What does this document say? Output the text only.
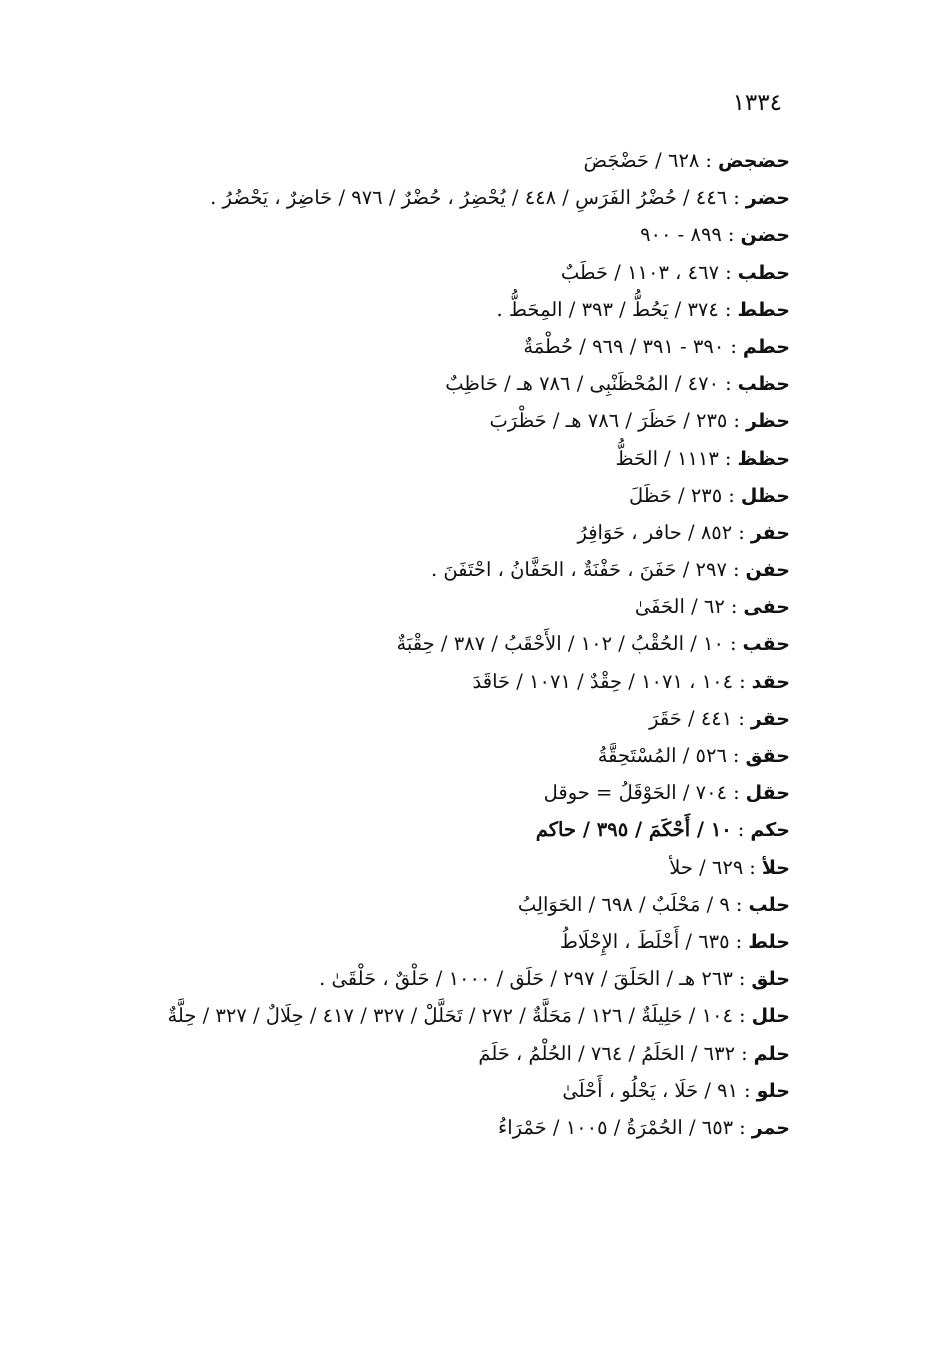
١٣٣٤
حضجض:٦٢٨ / حَضْجَضَ
حضر:٤٤٦ / حُضْرُ الفَرَسِ / ٤٤٨ / يُحْضِرُ ، حُضْرٌ / ٩٧٦ / حَاضِرٌ ، يَحْضُرُ .
حضن:٨٩٩ - ٩٠٠
حطب:٤٦٧ ، ١١٠٣ / حَطَبٌ
حطط:٣٧٤ / يَحُطُّ / ٣٩٣ / المِحَطُّ .
حطم:٣٩٠ - ٣٩١ / ٩٦٩ / حُطْمَةٌ
حظب:٤٧٠ / المُحْظَنْبِى / ٧٨٦ هـ / حَاظِبٌ
حظر:٢٣٥ / حَظَرَ / ٧٨٦ هـ / حَظْرَبَ
حظظ:١١١٣ / الحَظُّ
حظل:٢٣٥ / حَظَلَ
حفر:٨٥٢ / حافر ، حَوَافِرُ
حفن:٢٩٧ / حَفَنَ ، حَفْنَةٌ ، الحَفَّانُ ، احْتَفَنَ .
حفى:٦٢ / الحَفَىٰ
حقب:١٠ / الحُقْبُ / ١٠٢ / الأَحْقَبُ / ٣٨٧ / حِقْبَةٌ
حقد:١٠٤ ، ١٠٧١ / حِقْدٌ / ١٠٧١ / حَاقَدَ
حقر:٤٤١ / حَقَرَ
حقق:٥٢٦ / المُسْتَحِقَّةُ
حقل:٧٠٤ / الحَوْقَلُ = حوقل
حكم:١٠ / أَحْكَمَ / ٣٩٥ / حاكم
حلأ:٦٢٩ / حلأ
حلب:٩ / مَحْلَبٌ / ٦٩٨ / الحَوَالِبُ
حلط:٦٣٥ / أَحْلَطَ ، الإِحْلَاطُ
حلق:٢٦٣ هـ / الحَلَقَ / ٢٩٧ / حَلَق / ١٠٠٠ / حَلْقٌ ، حَلْقَىٰ .
حلل:١٠٤ / حَلِيلَةٌ / ١٢٦ / مَحَلَّةٌ / ٢٧٢ / تَحَلَّلْ / ٣٢٧ / ٤١٧ / حِلَالٌ / ٣٢٧ / حِلَّةٌ
حلم:٦٣٢ / الحَلَمُ / ٧٦٤ / الحُلْمُ ، حَلَمَ
حلو:٩١ / حَلَا ، يَحْلُو ، أَحْلَىٰ
حمر:٦٥٣ / الحُمْرَةُ / ١٠٠٥ / حَمْرَاءُ
